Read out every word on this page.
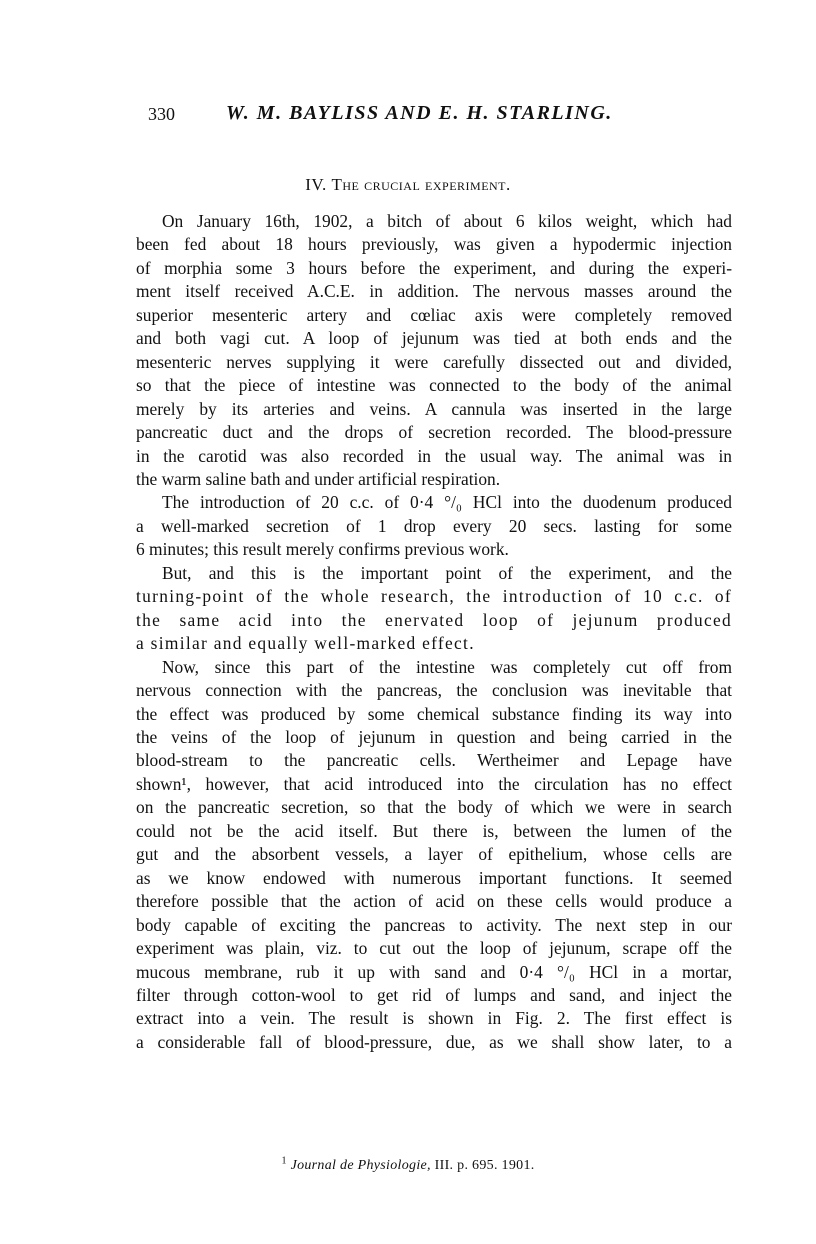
330	W. M. BAYLISS AND E. H. STARLING.
IV. The crucial experiment.
On January 16th, 1902, a bitch of about 6 kilos weight, which had
been fed about 18 hours previously, was given a hypodermic injection
of morphia some 3 hours before the experiment, and during the experi-
ment itself received A.C.E. in addition. The nervous masses around the
superior mesenteric artery and cœliac axis were completely removed
and both vagi cut. A loop of jejunum was tied at both ends and the
mesenteric nerves supplying it were carefully dissected out and divided,
so that the piece of intestine was connected to the body of the animal
merely by its arteries and veins. A cannula was inserted in the large
pancreatic duct and the drops of secretion recorded. The blood-pressure
in the carotid was also recorded in the usual way. The animal was in
the warm saline bath and under artificial respiration.
The introduction of 20 c.c. of 0·4 °/₀ HCl into the duodenum produced
a well-marked secretion of 1 drop every 20 secs. lasting for some
6 minutes; this result merely confirms previous work.
But, and this is the important point of the experiment, and the
turning-point of the whole research, the introduction of 10 c.c. of
the same acid into the enervated loop of jejunum produced
a similar and equally well-marked effect.
Now, since this part of the intestine was completely cut off from
nervous connection with the pancreas, the conclusion was inevitable that
the effect was produced by some chemical substance finding its way into
the veins of the loop of jejunum in question and being carried in the
blood-stream to the pancreatic cells. Wertheimer and Lepage have
shown¹, however, that acid introduced into the circulation has no effect
on the pancreatic secretion, so that the body of which we were in search
could not be the acid itself. But there is, between the lumen of the
gut and the absorbent vessels, a layer of epithelium, whose cells are
as we know endowed with numerous important functions. It seemed
therefore possible that the action of acid on these cells would produce a
body capable of exciting the pancreas to activity. The next step in our
experiment was plain, viz. to cut out the loop of jejunum, scrape off the
mucous membrane, rub it up with sand and 0·4 °/₀ HCl in a mortar,
filter through cotton-wool to get rid of lumps and sand, and inject the
extract into a vein. The result is shown in Fig. 2. The first effect is
a considerable fall of blood-pressure, due, as we shall show later, to a
$^1$ Journal de Physiologie, III. p. 695. 1901.
